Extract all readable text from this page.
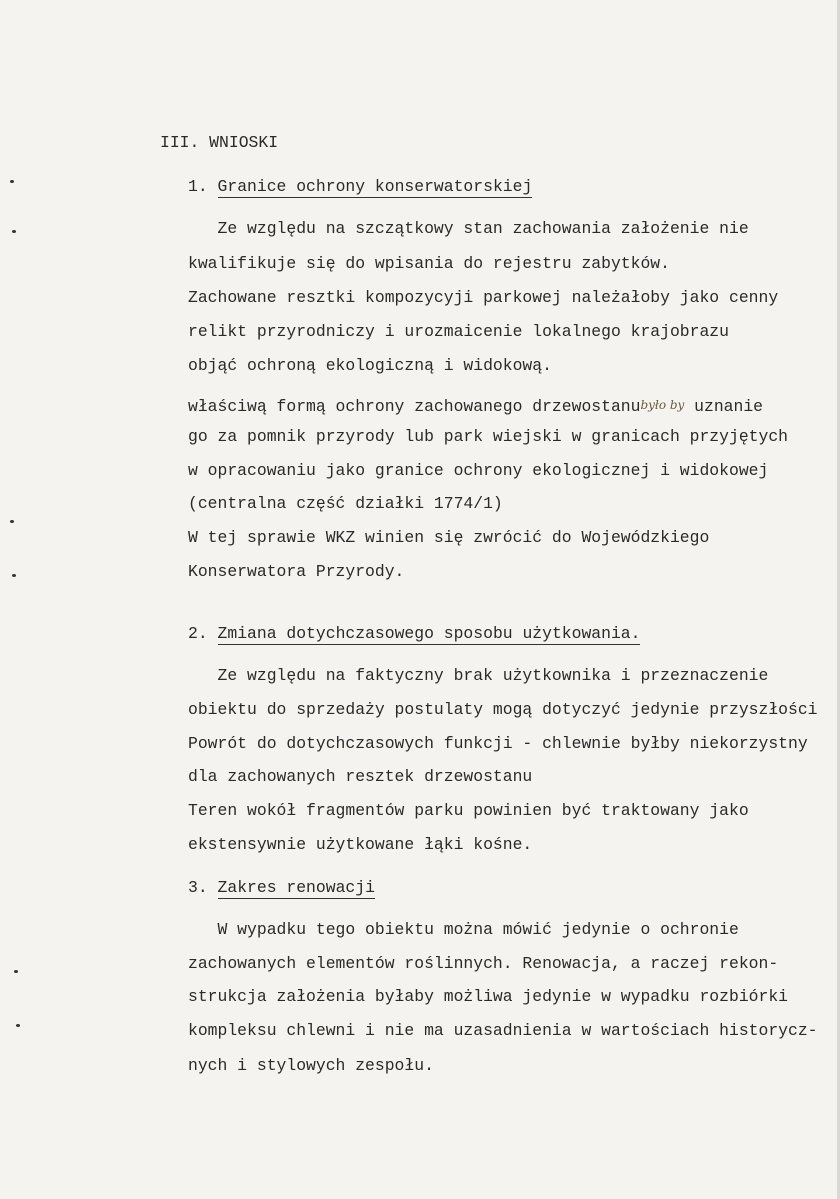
III. WNIOSKI
1. Granice ochrony konserwatorskiej
Ze względu na szczątkowy stan zachowania założenie nie
kwalifikuje się do wpisania do rejestru zabytków.
Zachowane resztki kompozycyji parkowej należałoby jako cenny
relikt przyrodniczy i urozmaicenie lokalnego krajobrazu
objąć ochroną ekologiczną i widokową.
właściwą formą ochrony zachowanego drzewostanubyło by uznanie
go za pomnik przyrody lub park wiejski w granicach przyjętych
w opracowaniu jako granice ochrony ekologicznej i widokowej
(centralna część działki 1774/1)
W tej sprawie WKZ winien się zwrócić do Wojewódzkiego
Konserwatora Przyrody.
2. Zmiana dotychczasowego sposobu użytkowania.
Ze względu na faktyczny brak użytkownika i przeznaczenie
obiektu do sprzedaży postulaty mogą dotyczyć jedynie przyszłości
Powrót do dotychczasowych funkcji - chlewnie byłby niekorzystny
dla zachowanych resztek drzewostanu
Teren wokół fragmentów parku powinien być traktowany jako
ekstensywnie użytkowane łąki kośne.
3. Zakres renowacji
W wypadku tego obiektu można mówić jedynie o ochronie
zachowanych elementów roślinnych. Renowacja, a raczej rekon-
strukcja założenia byłaby możliwa jedynie w wypadku rozbiórki
kompleksu chlewni i nie ma uzasadnienia w wartościach historycz-
nych i stylowych zespołu.
